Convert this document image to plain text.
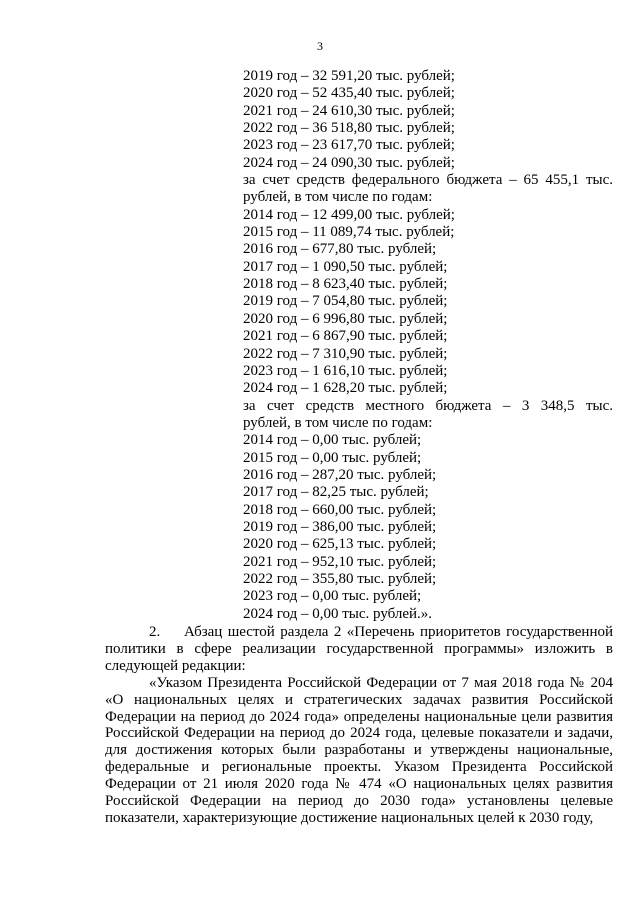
3
2019 год – 32 591,20 тыс. рублей;
2020 год – 52 435,40 тыс. рублей;
2021 год – 24 610,30 тыс. рублей;
2022 год – 36 518,80 тыс. рублей;
2023 год – 23 617,70 тыс. рублей;
2024 год – 24 090,30 тыс. рублей;
за счет средств федерального бюджета – 65 455,1 тыс.
рублей, в том числе по годам:
2014 год – 12 499,00 тыс. рублей;
2015 год – 11 089,74 тыс. рублей;
2016 год – 677,80 тыс. рублей;
2017 год – 1 090,50 тыс. рублей;
2018 год – 8 623,40 тыс. рублей;
2019 год – 7 054,80 тыс. рублей;
2020 год – 6 996,80 тыс. рублей;
2021 год – 6 867,90 тыс. рублей;
2022 год – 7 310,90 тыс. рублей;
2023 год – 1 616,10 тыс. рублей;
2024 год – 1 628,20 тыс. рублей;
за счет средств местного бюджета – 3 348,5 тыс.
рублей, в том числе по годам:
2014 год – 0,00 тыс. рублей;
2015 год – 0,00 тыс. рублей;
2016 год – 287,20 тыс. рублей;
2017 год – 82,25 тыс. рублей;
2018 год – 660,00 тыс. рублей;
2019 год – 386,00 тыс. рублей;
2020 год – 625,13 тыс. рублей;
2021 год – 952,10 тыс. рублей;
2022 год – 355,80 тыс. рублей;
2023 год – 0,00 тыс. рублей;
2024 год – 0,00 тыс. рублей.».

2. Абзац шестой раздела 2 «Перечень приоритетов государственной политики в сфере реализации государственной программы» изложить в следующей редакции:

«Указом Президента Российской Федерации от 7 мая 2018 года № 204 «О национальных целях и стратегических задачах развития Российской Федерации на период до 2024 года» определены национальные цели развития Российской Федерации на период до 2024 года, целевые показатели и задачи, для достижения которых были разработаны и утверждены национальные, федеральные и региональные проекты. Указом Президента Российской Федерации от 21 июля 2020 года № 474 «О национальных целях развития Российской Федерации на период до 2030 года» установлены целевые показатели, характеризующие достижение национальных целей к 2030 году,
